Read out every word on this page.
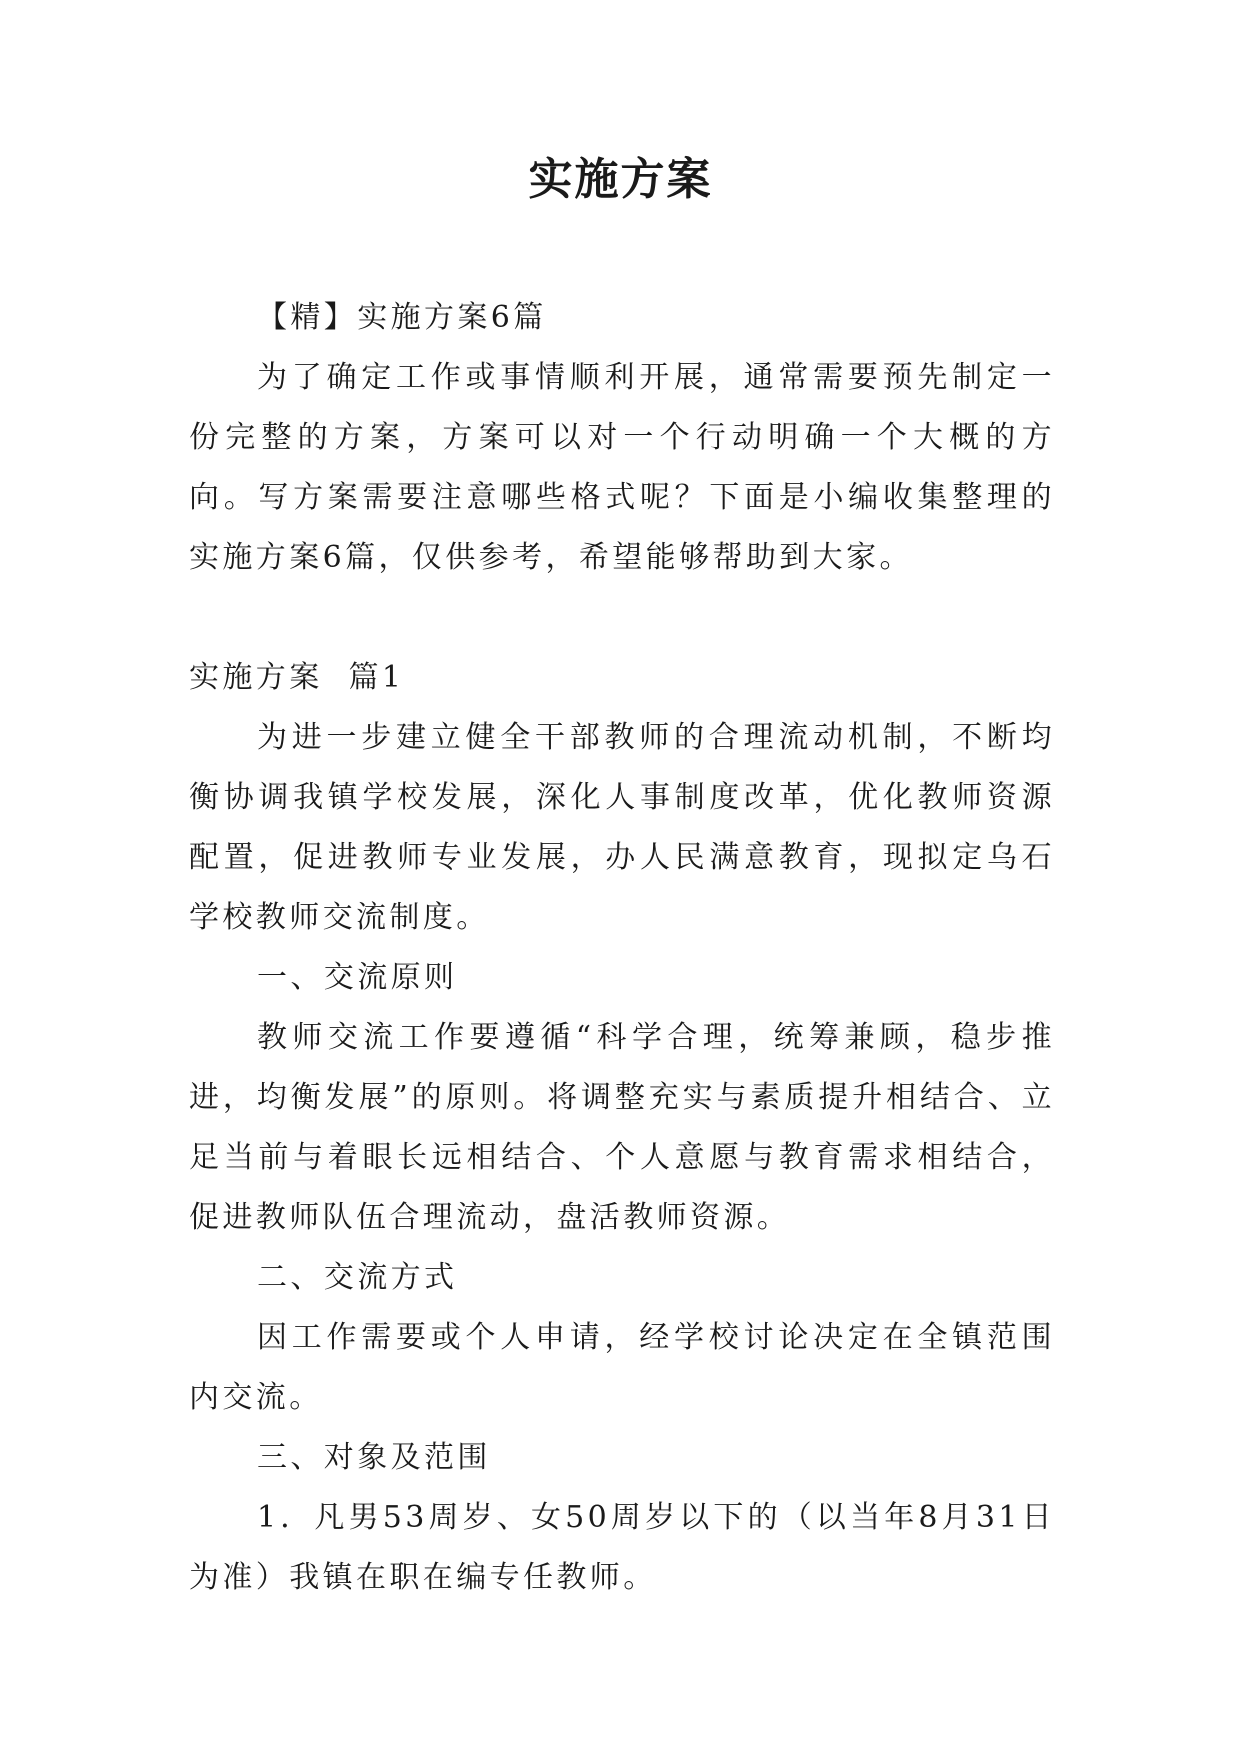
实施方案

【精】实施方案6篇

为了确定工作或事情顺利开展，通常需要预先制定一份完整的方案，方案可以对一个行动明确一个大概的方向。写方案需要注意哪些格式呢？下面是小编收集整理的实施方案6篇，仅供参考，希望能够帮助到大家。

实施方案  篇1

为进一步建立健全干部教师的合理流动机制，不断均衡协调我镇学校发展，深化人事制度改革，优化教师资源配置，促进教师专业发展，办人民满意教育，现拟定乌石学校教师交流制度。

一、交流原则

教师交流工作要遵循“科学合理，统筹兼顾，稳步推进，均衡发展”的原则。将调整充实与素质提升相结合、立足当前与着眼长远相结合、个人意愿与教育需求相结合，促进教师队伍合理流动，盘活教师资源。

二、交流方式

因工作需要或个人申请，经学校讨论决定在全镇范围内交流。

三、对象及范围

1．凡男53周岁、女50周岁以下的（以当年8月31日为准）我镇在职在编专任教师。
